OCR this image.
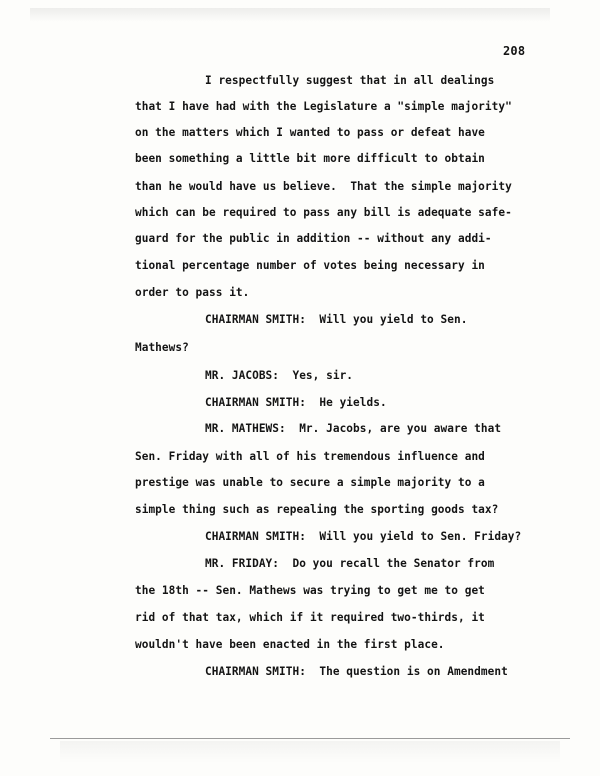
208
I respectfully suggest that in all dealings
that I have had with the Legislature a "simple majority"
on the matters which I wanted to pass or defeat have
been something a little bit more difficult to obtain
than he would have us believe.  That the simple majority
which can be required to pass any bill is adequate safe-
guard for the public in addition -- without any addi-
tional percentage number of votes being necessary in
order to pass it.
CHAIRMAN SMITH:  Will you yield to Sen.
Mathews?
MR. JACOBS:  Yes, sir.
CHAIRMAN SMITH:  He yields.
MR. MATHEWS:  Mr. Jacobs, are you aware that
Sen. Friday with all of his tremendous influence and
prestige was unable to secure a simple majority to a
simple thing such as repealing the sporting goods tax?
CHAIRMAN SMITH:  Will you yield to Sen. Friday?
MR. FRIDAY:  Do you recall the Senator from
the 18th -- Sen. Mathews was trying to get me to get
rid of that tax, which if it required two-thirds, it
wouldn't have been enacted in the first place.
CHAIRMAN SMITH:  The question is on Amendment
